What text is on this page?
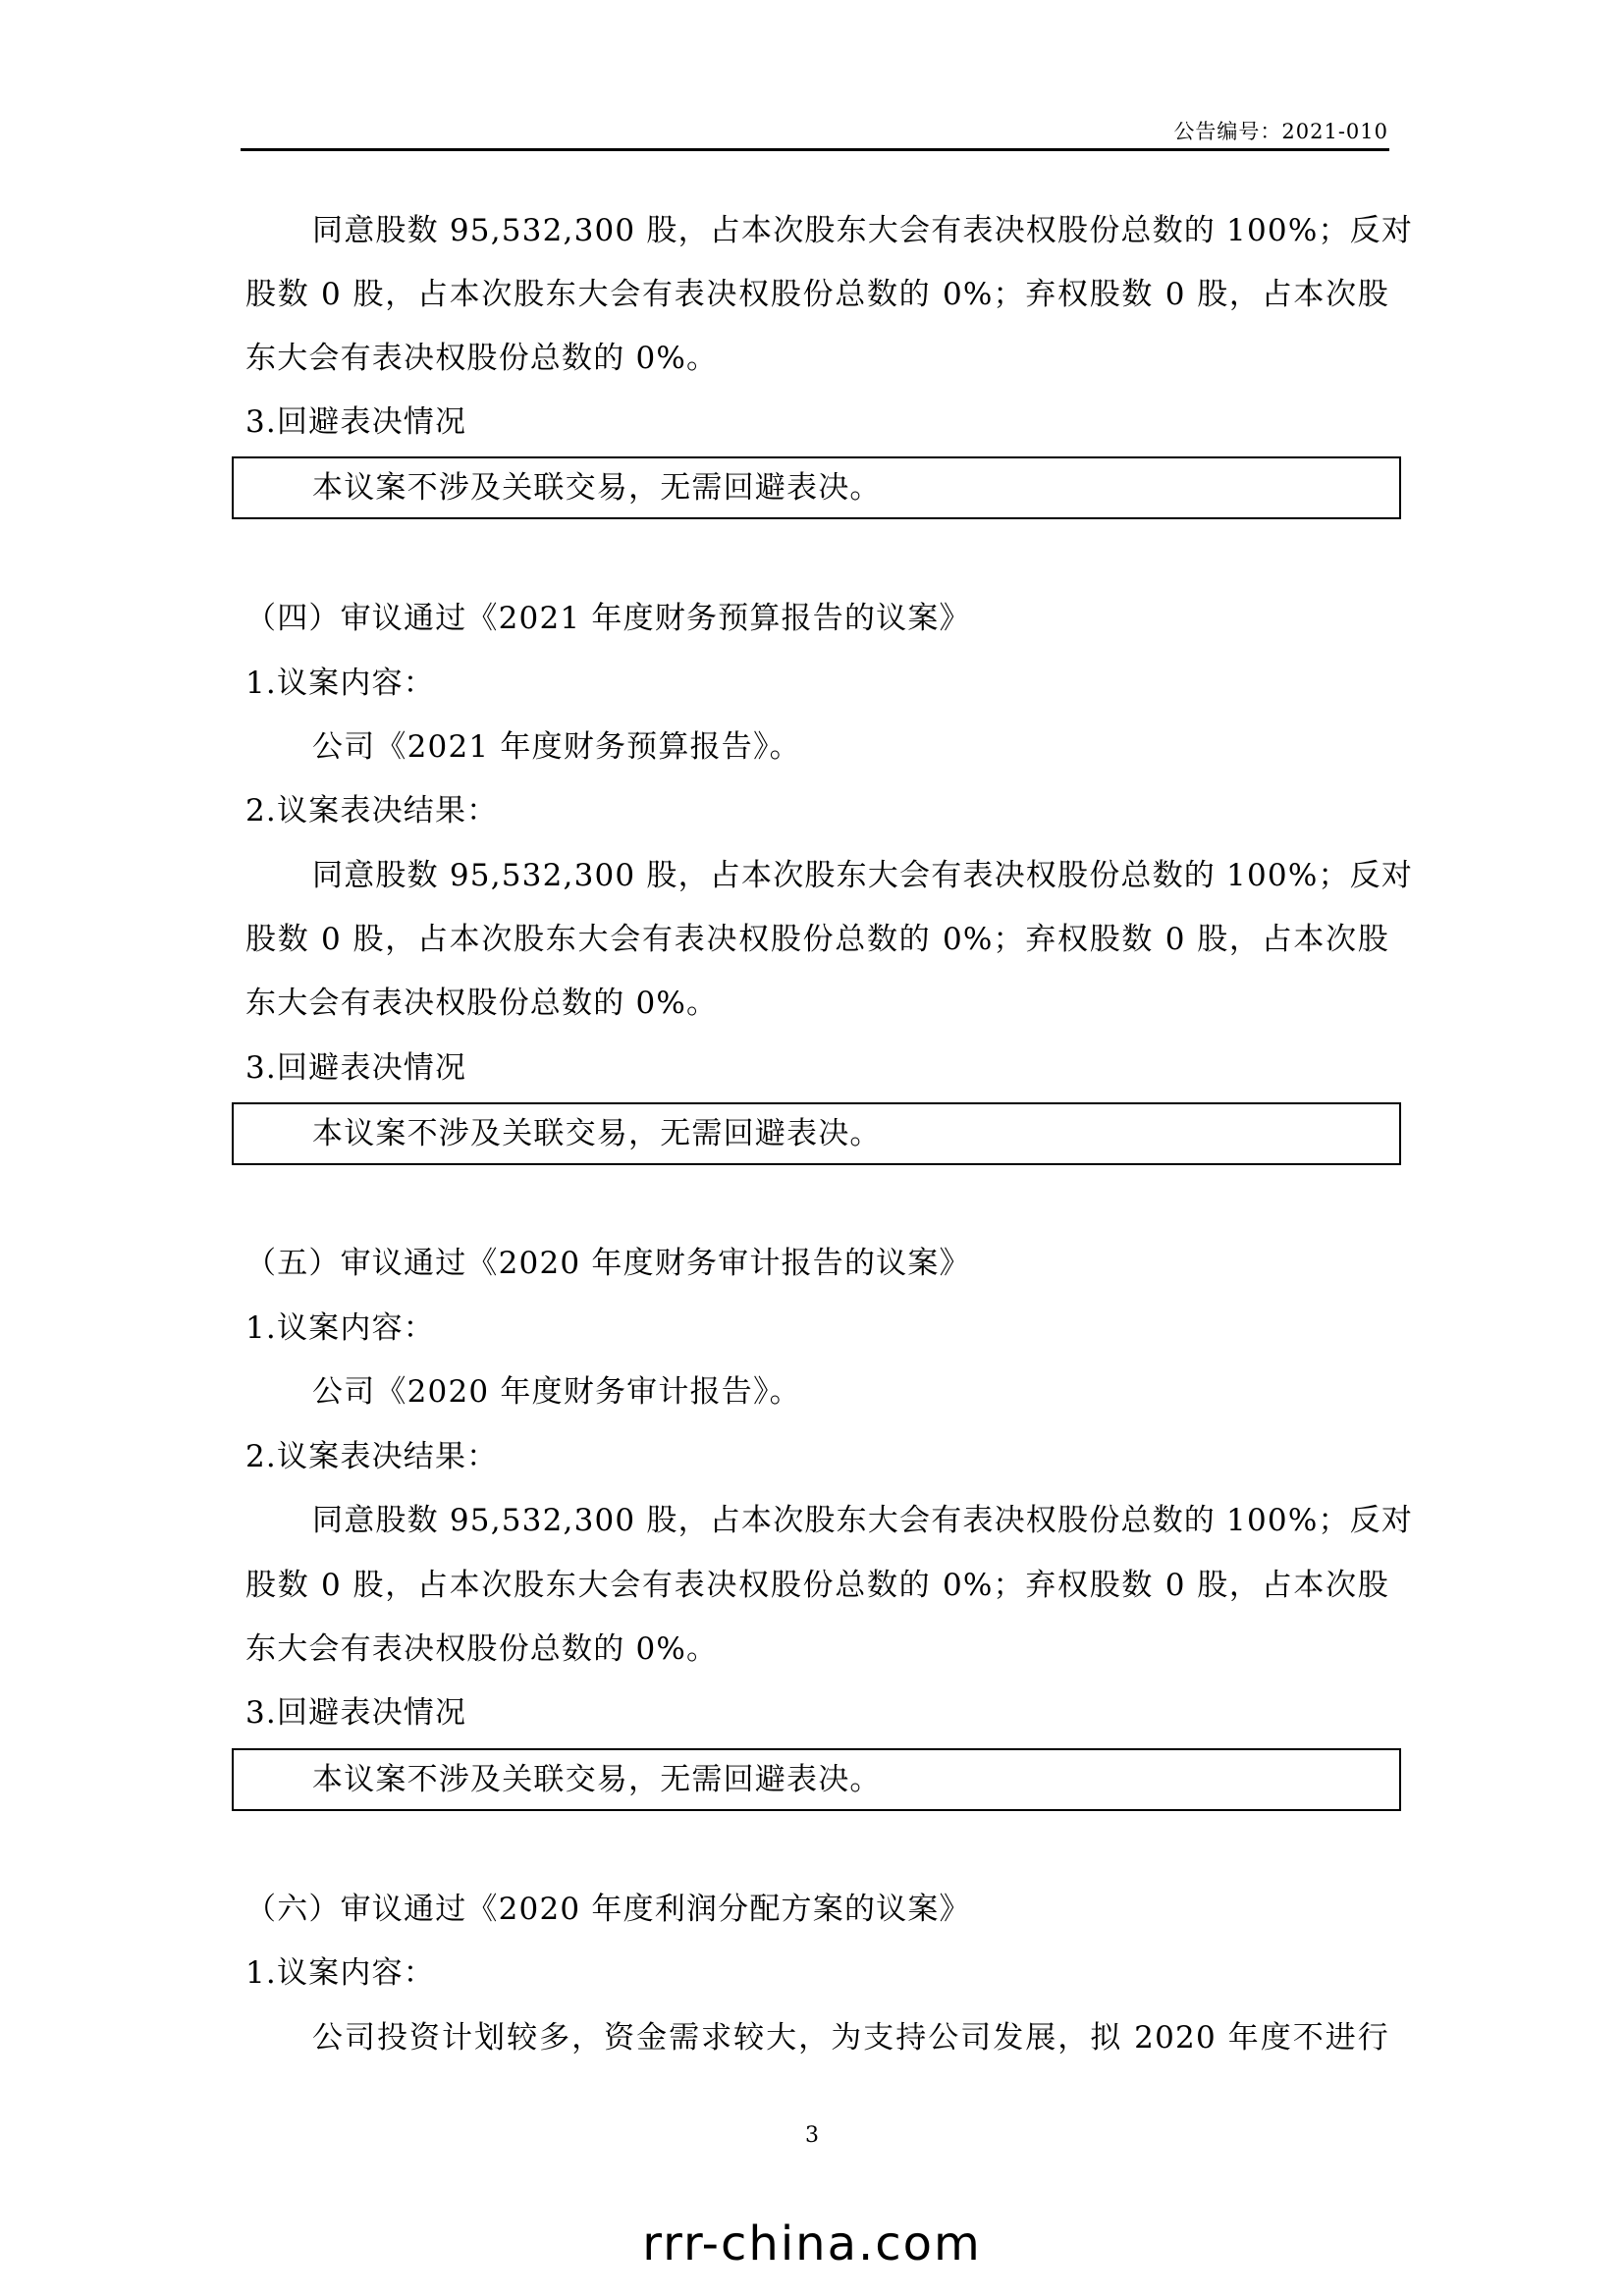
公告编号：2021-010
同意股数 95,532,300 股，占本次股东大会有表决权股份总数的 100%；反对
股数 0 股，占本次股东大会有表决权股份总数的 0%；弃权股数 0 股，占本次股
东大会有表决权股份总数的 0%。
3.回避表决情况
本议案不涉及关联交易，无需回避表决。
（四）审议通过《2021 年度财务预算报告的议案》
1.议案内容：
公司《2021 年度财务预算报告》。
2.议案表决结果：
同意股数 95,532,300 股，占本次股东大会有表决权股份总数的 100%；反对
股数 0 股，占本次股东大会有表决权股份总数的 0%；弃权股数 0 股，占本次股
东大会有表决权股份总数的 0%。
3.回避表决情况
本议案不涉及关联交易，无需回避表决。
（五）审议通过《2020 年度财务审计报告的议案》
1.议案内容：
公司《2020 年度财务审计报告》。
2.议案表决结果：
同意股数 95,532,300 股，占本次股东大会有表决权股份总数的 100%；反对
股数 0 股，占本次股东大会有表决权股份总数的 0%；弃权股数 0 股，占本次股
东大会有表决权股份总数的 0%。
3.回避表决情况
本议案不涉及关联交易，无需回避表决。
（六）审议通过《2020 年度利润分配方案的议案》
1.议案内容：
公司投资计划较多，资金需求较大，为支持公司发展，拟 2020 年度不进行
3
rrr-china.com
